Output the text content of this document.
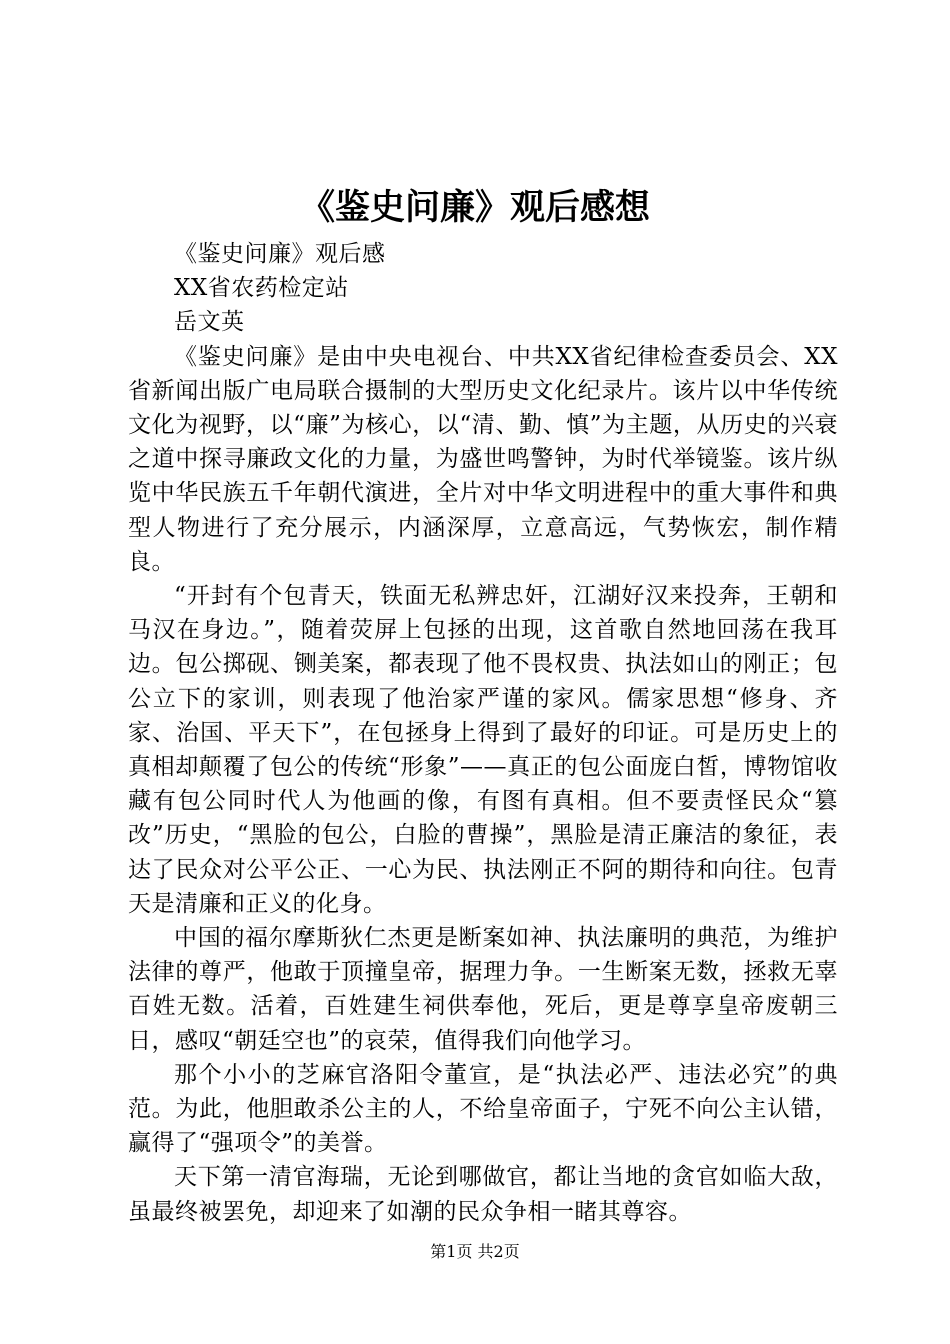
《鉴史问廉》观后感想

《鉴史问廉》观后感

XX省农药检定站

岳文英

《鉴史问廉》是由中央电视台、中共XX省纪律检查委员会、XX省新闻出版广电局联合摄制的大型历史文化纪录片。该片以中华传统文化为视野，以“廉”为核心，以“清、勤、慎”为主题，从历史的兴衰之道中探寻廉政文化的力量，为盛世鸣警钟，为时代举镜鉴。该片纵览中华民族五千年朝代演进，全片对中华文明进程中的重大事件和典型人物进行了充分展示，内涵深厚，立意高远，气势恢宏，制作精良。

“开封有个包青天，铁面无私辨忠奸，江湖好汉来投奔，王朝和马汉在身边。”，随着荧屏上包拯的出现，这首歌自然地回荡在我耳边。包公掷砚、铡美案，都表现了他不畏权贵、执法如山的刚正；包公立下的家训，则表现了他治家严谨的家风。儒家思想“修身、齐家、治国、平天下”，在包拯身上得到了最好的印证。可是历史上的真相却颠覆了包公的传统“形象”——真正的包公面庞白皙，博物馆收藏有包公同时代人为他画的像，有图有真相。但不要责怪民众“篡改”历史，“黑脸的包公，白脸的曹操”，黑脸是清正廉洁的象征，表达了民众对公平公正、一心为民、执法刚正不阿的期待和向往。包青天是清廉和正义的化身。

中国的福尔摩斯狄仁杰更是断案如神、执法廉明的典范，为维护法律的尊严，他敢于顶撞皇帝，据理力争。一生断案无数，拯救无辜百姓无数。活着，百姓建生祠供奉他，死后，更是尊享皇帝废朝三日，感叹“朝廷空也”的哀荣，值得我们向他学习。

那个小小的芝麻官洛阳令董宣，是“执法必严、违法必究”的典范。为此，他胆敢杀公主的人，不给皇帝面子，宁死不向公主认错，赢得了“强项令”的美誉。

天下第一清官海瑞，无论到哪做官，都让当地的贪官如临大敌，虽最终被罢免，却迎来了如潮的民众争相一睹其尊容。

第1页 共2页
